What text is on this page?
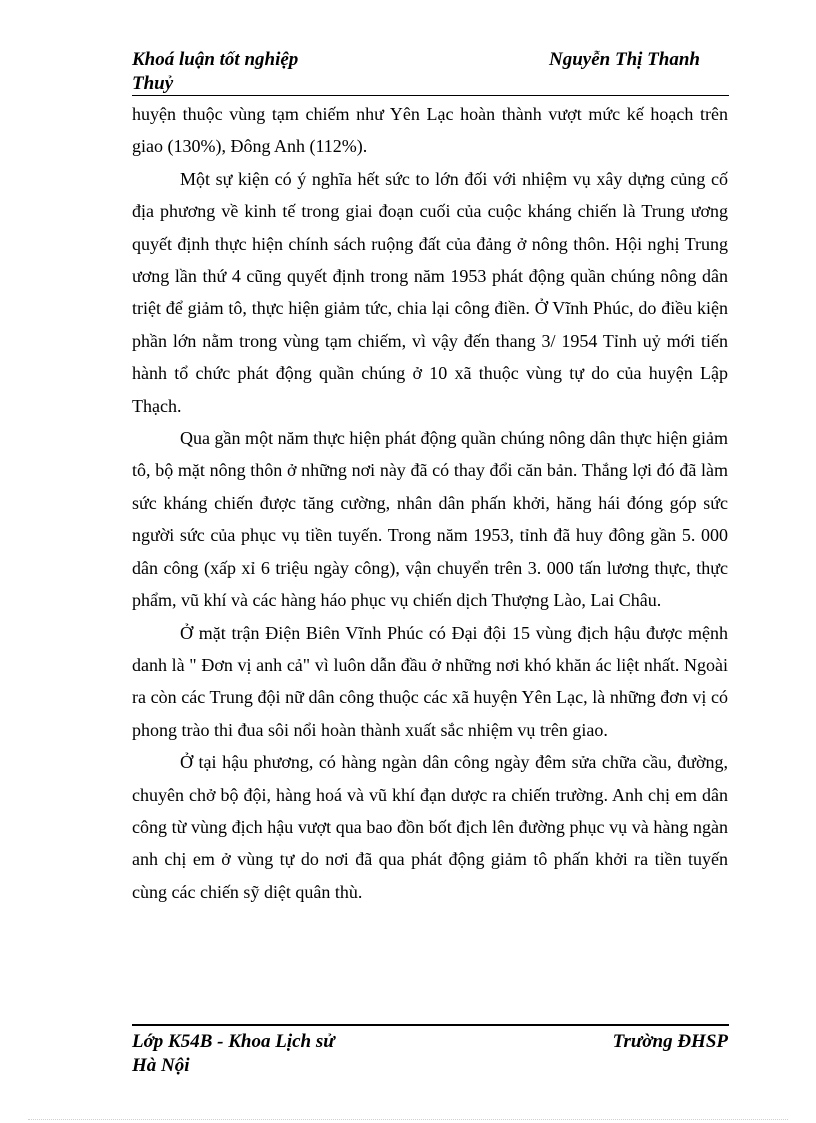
Khoá luận tốt nghiệp	Nguyễn Thị Thanh
Thuỷ

huyện thuộc vùng tạm chiếm như Yên Lạc hoàn thành vượt mức kế hoạch trên giao (130%), Đông Anh (112%).

Một sự kiện có ý nghĩa hết sức to lớn đối với nhiệm vụ xây dựng củng cố địa phương về kinh tế trong giai đoạn cuối của cuộc kháng chiến là Trung ương quyết định thực hiện chính sách ruộng đất của đảng ở nông thôn. Hội nghị Trung ương lần thứ 4 cũng quyết định trong năm 1953 phát động quần chúng nông dân triệt để giảm tô, thực hiện giảm tức, chia lại công điền. Ở Vĩnh Phúc, do điều kiện phần lớn nằm trong vùng tạm chiếm, vì vậy đến thang 3/ 1954 Tỉnh uỷ mới tiến hành tổ chức phát động quần chúng ở 10 xã thuộc vùng tự do của huyện Lập Thạch.

Qua gần một năm thực hiện phát động quần chúng nông dân thực hiện giảm tô, bộ mặt nông thôn ở những nơi này đã có thay đổi căn bản. Thắng lợi đó đã làm sức kháng chiến được tăng cường, nhân dân phấn khởi, hăng hái đóng góp sức người sức của phục vụ tiền tuyến. Trong năm 1953, tỉnh đã huy đông gần 5. 000 dân công (xấp xỉ 6 triệu ngày công), vận chuyển trên 3. 000 tấn lương thực, thực phẩm, vũ khí và các hàng háo phục vụ chiến dịch Thượng Lào, Lai Châu.

Ở mặt trận Điện Biên Vĩnh Phúc có Đại đội 15 vùng địch hậu được mệnh danh là " Đơn vị anh cả" vì luôn dẫn đầu ở những nơi khó khăn ác liệt nhất. Ngoài ra còn các Trung đội nữ dân công thuộc các xã huyện Yên Lạc, là những đơn vị có phong trào thi đua sôi nổi hoàn thành xuất sắc nhiệm vụ trên giao.

Ở tại hậu phương, có hàng ngàn dân công ngày đêm sửa chữa cầu, đường, chuyên chở bộ đội, hàng hoá và vũ khí đạn dược ra chiến trường. Anh chị em dân công từ vùng địch hậu vượt qua bao đồn bốt địch lên đường phục vụ và hàng ngàn anh chị em ở vùng tự do nơi đã qua phát động giảm tô phấn khởi ra tiền tuyến cùng các chiến sỹ diệt quân thù.

Lớp K54B - Khoa Lịch sử	Trường ĐHSP
Hà Nội
